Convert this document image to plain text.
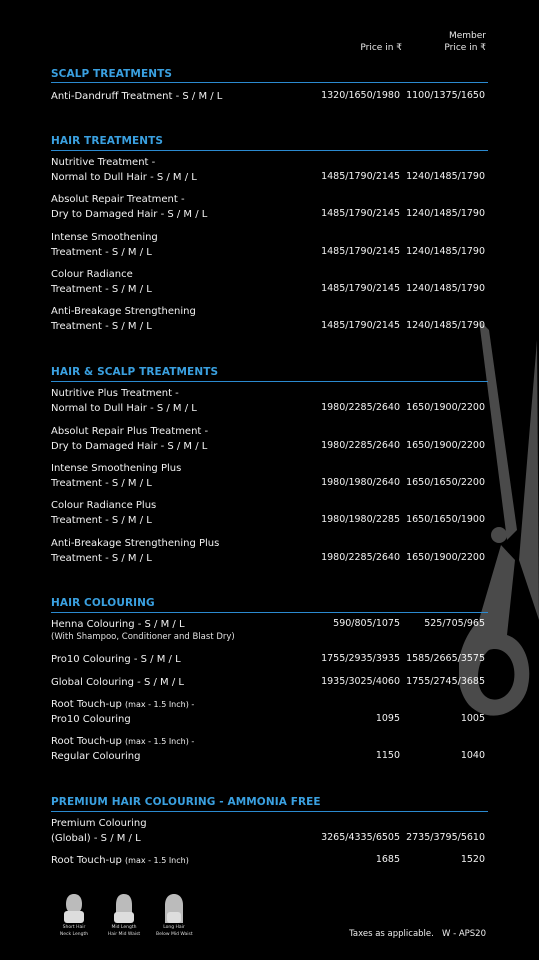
Price in ₹
Member
Price in ₹
SCALP TREATMENTS
Anti-Dandruff Treatment - S / M / L	1320/1650/1980 1100/1375/1650
HAIR TREATMENTS
Nutritive Treatment -
Normal to Dull Hair - S / M / L	1485/1790/2145 1240/1485/1790
Absolut Repair Treatment -
Dry to Damaged Hair - S / M / L	1485/1790/2145 1240/1485/1790
Intense Smoothening
Treatment - S / M / L	1485/1790/2145 1240/1485/1790
Colour Radiance
Treatment - S / M / L	1485/1790/2145 1240/1485/1790
Anti-Breakage Strengthening
Treatment - S / M / L	1485/1790/2145 1240/1485/1790
HAIR & SCALP TREATMENTS
Nutritive Plus Treatment -
Normal to Dull Hair - S / M / L	1980/2285/2640 1650/1900/2200
Absolut Repair Plus Treatment -
Dry to Damaged Hair - S / M / L	1980/2285/2640 1650/1900/2200
Intense Smoothening Plus
Treatment - S / M / L	1980/1980/2640 1650/1650/2200
Colour Radiance Plus
Treatment - S / M / L	1980/1980/2285 1650/1650/1900
Anti-Breakage Strengthening Plus
Treatment - S / M / L	1980/2285/2640 1650/1900/2200
HAIR COLOURING
Henna Colouring - S / M / L
(With Shampoo, Conditioner and Blast Dry)
590/805/1075	525/705/965
Pro10 Colouring - S / M / L	1755/2935/3935 1585/2665/3575
Global Colouring - S / M / L	1935/3025/4060 1755/2745/3685
Root Touch-up (max - 1.5 Inch) -
Pro10 Colouring	1095	1005
Root Touch-up (max - 1.5 Inch) -
Regular Colouring	1150	1040
PREMIUM HAIR COLOURING - AMMONIA FREE
Premium Colouring
(Global) - S / M / L	3265/4335/6505 2735/3795/5610
Root Touch-up (max - 1.5 Inch)	1685	1520
Short Hair
Neck Length
Mid Length
Hair Mid Waist
Long Hair
Below Mid Waist	Taxes as applicable. W - APS20
